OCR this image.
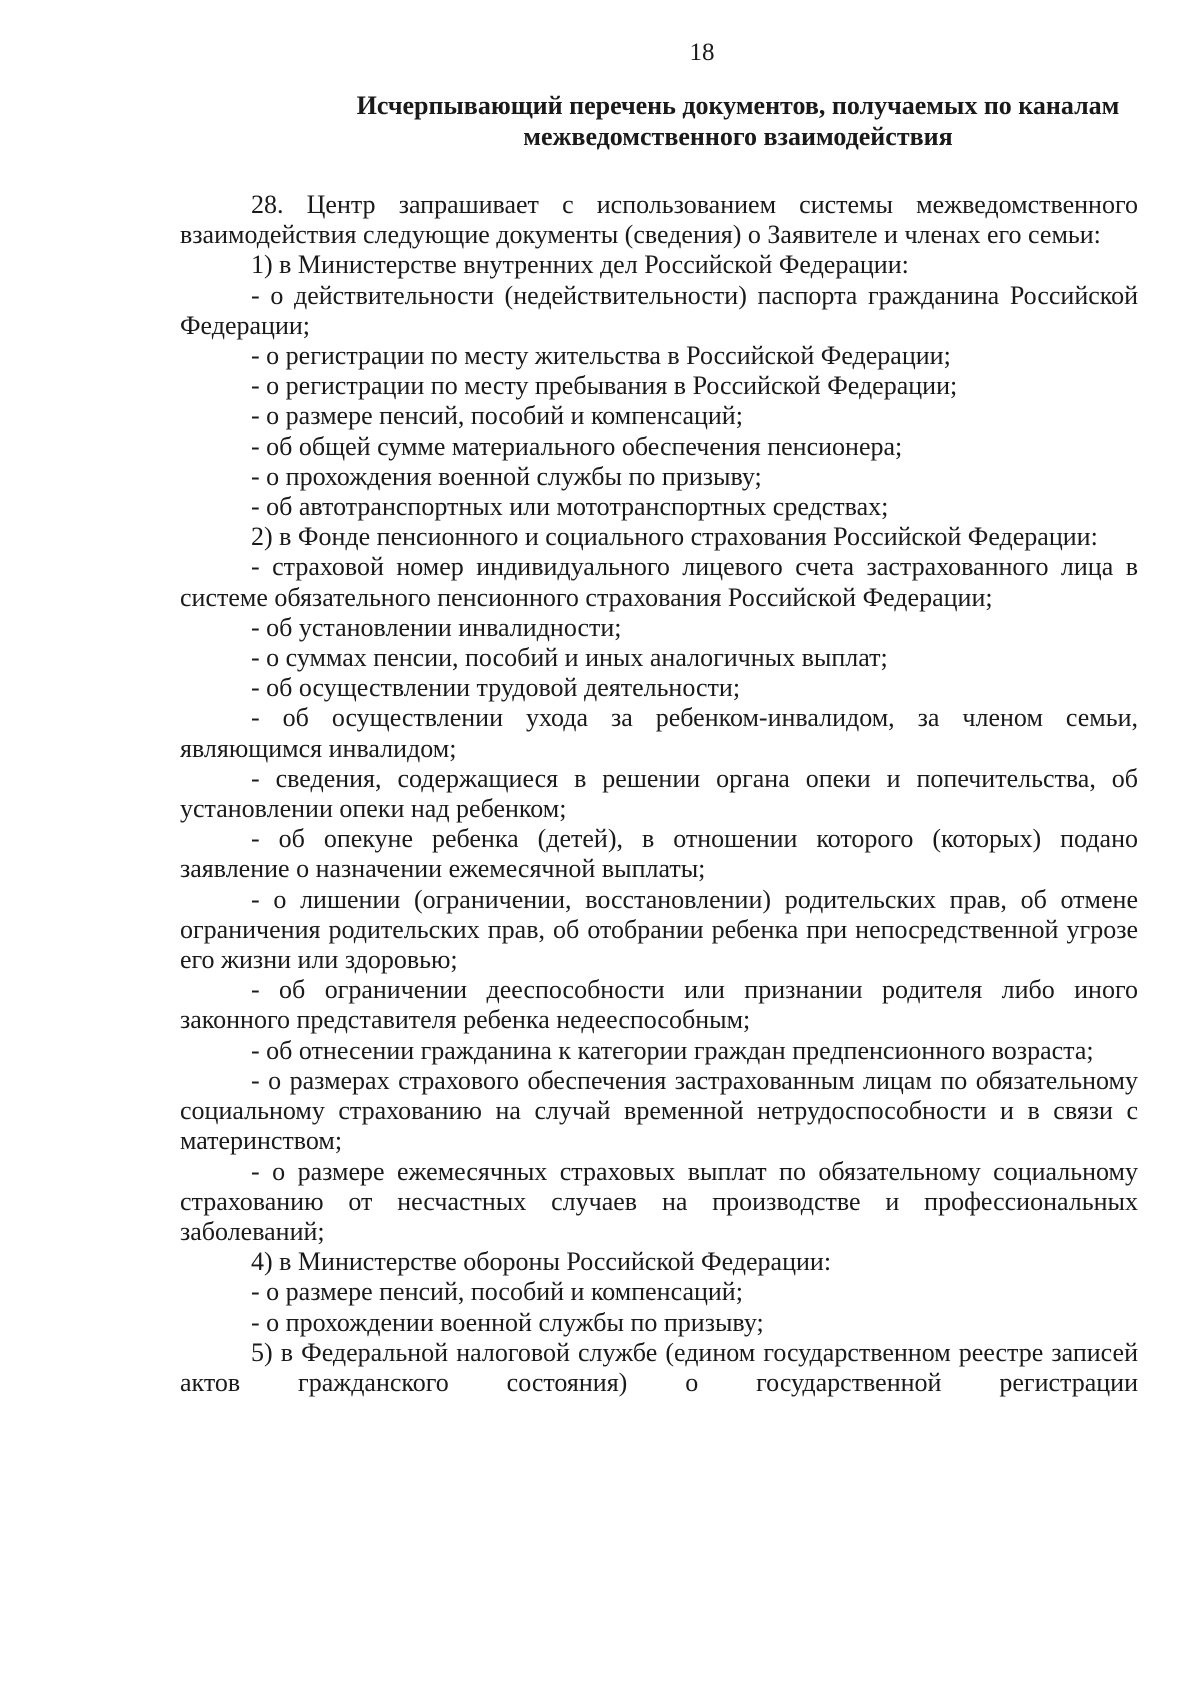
18
Исчерпывающий перечень документов, получаемых по каналам
межведомственного взаимодействия

28. Центр запрашивает с использованием системы межведомственного взаимодействия следующие документы (сведения) о Заявителе и членах его семьи:

1) в Министерстве внутренних дел Российской Федерации:

- о действительности (недействительности) паспорта гражданина Российской Федерации;

- о регистрации по месту жительства в Российской Федерации;

- о регистрации по месту пребывания в Российской Федерации;

- о размере пенсий, пособий и компенсаций;

- об общей сумме материального обеспечения пенсионера;

- о прохождения военной службы по призыву;

- об автотранспортных или мототранспортных средствах;

2) в Фонде пенсионного и социального страхования Российской Федерации:

- страховой номер индивидуального лицевого счета застрахованного лица в системе обязательного пенсионного страхования Российской Федерации;

- об установлении инвалидности;

- о суммах пенсии, пособий и иных аналогичных выплат;

- об осуществлении трудовой деятельности;

- об осуществлении ухода за ребенком-инвалидом, за членом семьи, являющимся инвалидом;

- сведения, содержащиеся в решении органа опеки и попечительства, об установлении опеки над ребенком;

- об опекуне ребенка (детей), в отношении которого (которых) подано заявление о назначении ежемесячной выплаты;

- о лишении (ограничении, восстановлении) родительских прав, об отмене ограничения родительских прав, об отобрании ребенка при непосредственной угрозе его жизни или здоровью;

- об ограничении дееспособности или признании родителя либо иного законного представителя ребенка недееспособным;

- об отнесении гражданина к категории граждан предпенсионного возраста;

- о размерах страхового обеспечения застрахованным лицам по обязательному социальному страхованию на случай временной нетрудоспособности и в связи с материнством;

- о размере ежемесячных страховых выплат по обязательному социальному страхованию от несчастных случаев на производстве и профессиональных заболеваний;

4) в Министерстве обороны Российской Федерации:

- о размере пенсий, пособий и компенсаций;

- о прохождении военной службы по призыву;

5) в Федеральной налоговой службе (едином государственном реестре записей актов гражданского состояния) о государственной регистрации
